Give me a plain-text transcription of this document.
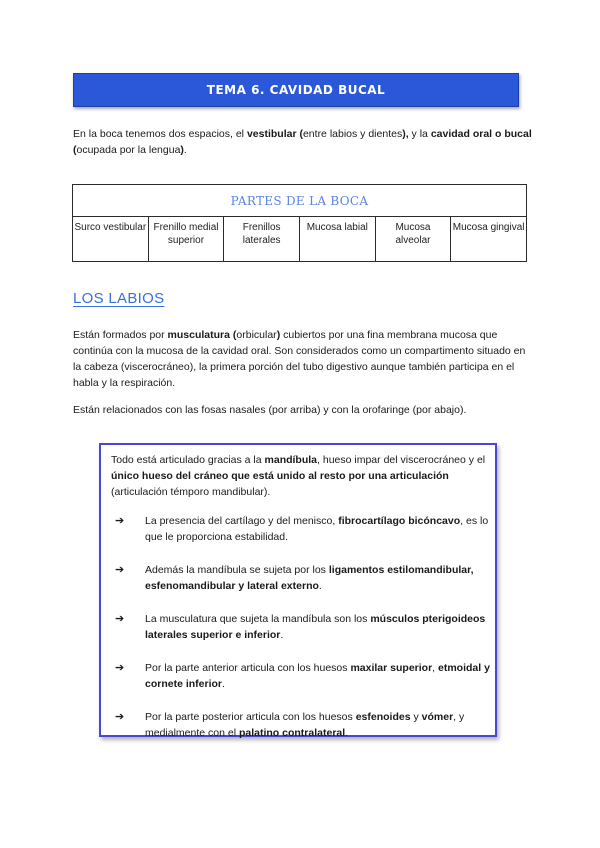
TEMA 6. CAVIDAD BUCAL

En la boca tenemos dos espacios, el vestibular (entre labios y dientes), y la cavidad oral o bucal (ocupada por la lengua).

PARTES DE LA BOCA
Surco vestibular	Frenillo medial superior	Frenillos laterales	Mucosa labial	Mucosa alveolar	Mucosa gingival
LOS LABIOS

Están formados por musculatura (orbicular) cubiertos por una fina membrana mucosa que continúa con la mucosa de la cavidad oral. Son considerados como un compartimento situado en la cabeza (viscerocráneo), la primera porción del tubo digestivo aunque también participa en el habla y la respiración.

Están relacionados con las fosas nasales (por arriba) y con la orofaringe (por abajo).

Todo está articulado gracias a la mandíbula, hueso impar del viscerocráneo y el único hueso del cráneo que está unido al resto por una articulación (articulación témporo mandibular).

➔ La presencia del cartílago y del menisco, fibrocartílago bicóncavo, es lo que le proporciona estabilidad.
➔ Además la mandíbula se sujeta por los ligamentos estilomandibular, esfenomandibular y lateral externo.
➔ La musculatura que sujeta la mandíbula son los músculos pterigoideos laterales superior e inferior.
➔ Por la parte anterior articula con los huesos maxilar superior, etmoidal y cornete inferior.
➔ Por la parte posterior articula con los huesos esfenoides y vómer, y medialmente con el palatino contralateral.
